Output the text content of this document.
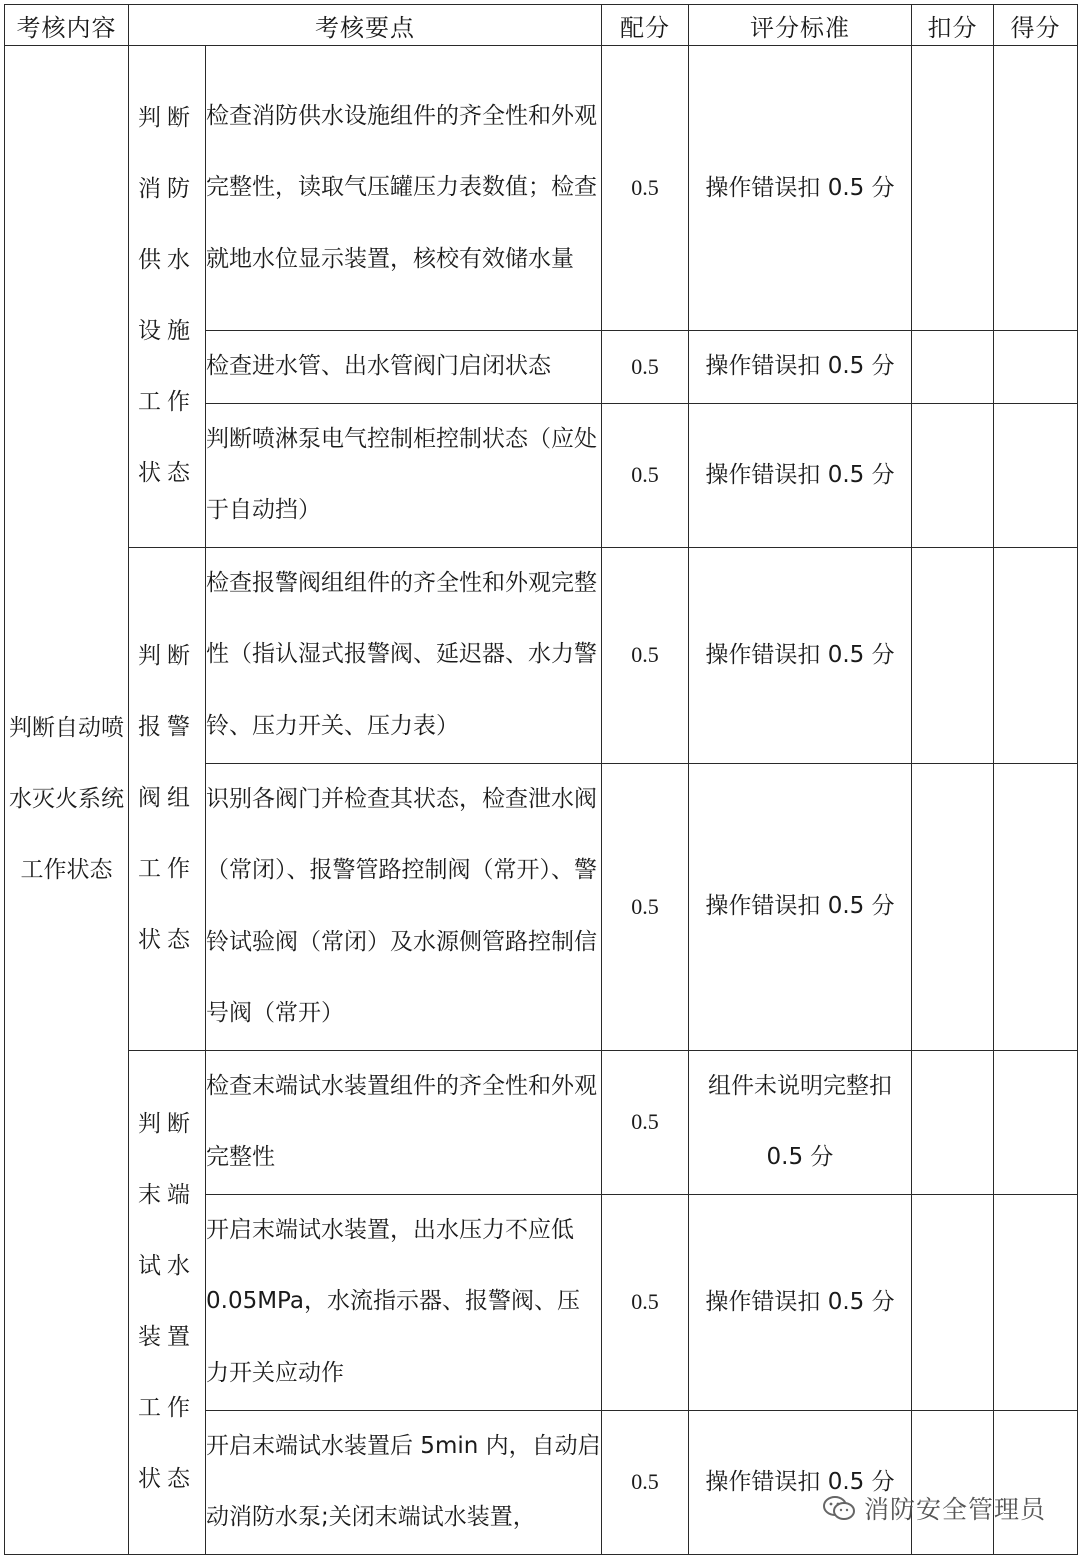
考核内容	考核要点		配分	评分标准	扣分	得分
判断自动喷水灭火系统工作状态	判断消防供水设施工作状态	检查消防供水设施组件的齐全性和外观完整性，读取气压罐压力表数值；检查就地水位显示装置，核校有效储水量	0.5	操作错误扣 0.5 分		
		检查进水管、出水管阀门启闭状态	0.5	操作错误扣 0.5 分		
		判断喷淋泵电气控制柜控制状态（应处于自动挡）	0.5	操作错误扣 0.5 分		
	判断报警阀组工作状态	检查报警阀组组件的齐全性和外观完整性（指认湿式报警阀、延迟器、水力警铃、压力开关、压力表）	0.5	操作错误扣 0.5 分		
		识别各阀门并检查其状态，检查泄水阀（常闭）、报警管路控制阀（常开）、警铃试验阀（常闭）及水源侧管路控制信号阀（常开）	0.5	操作错误扣 0.5 分		
	判断末端试水装置工作状态	检查末端试水装置组件的齐全性和外观完整性	0.5	组件未说明完整扣 0.5 分		
		开启末端试水装置，出水压力不应低 0.05MPa，水流指示器、报警阀、压力开关应动作	0.5	操作错误扣 0.5 分		
		开启末端试水装置后 5min 内，自动启动消防水泵;关闭末端试水装置，	0.5	操作错误扣 0.5 分		
消防安全管理员
